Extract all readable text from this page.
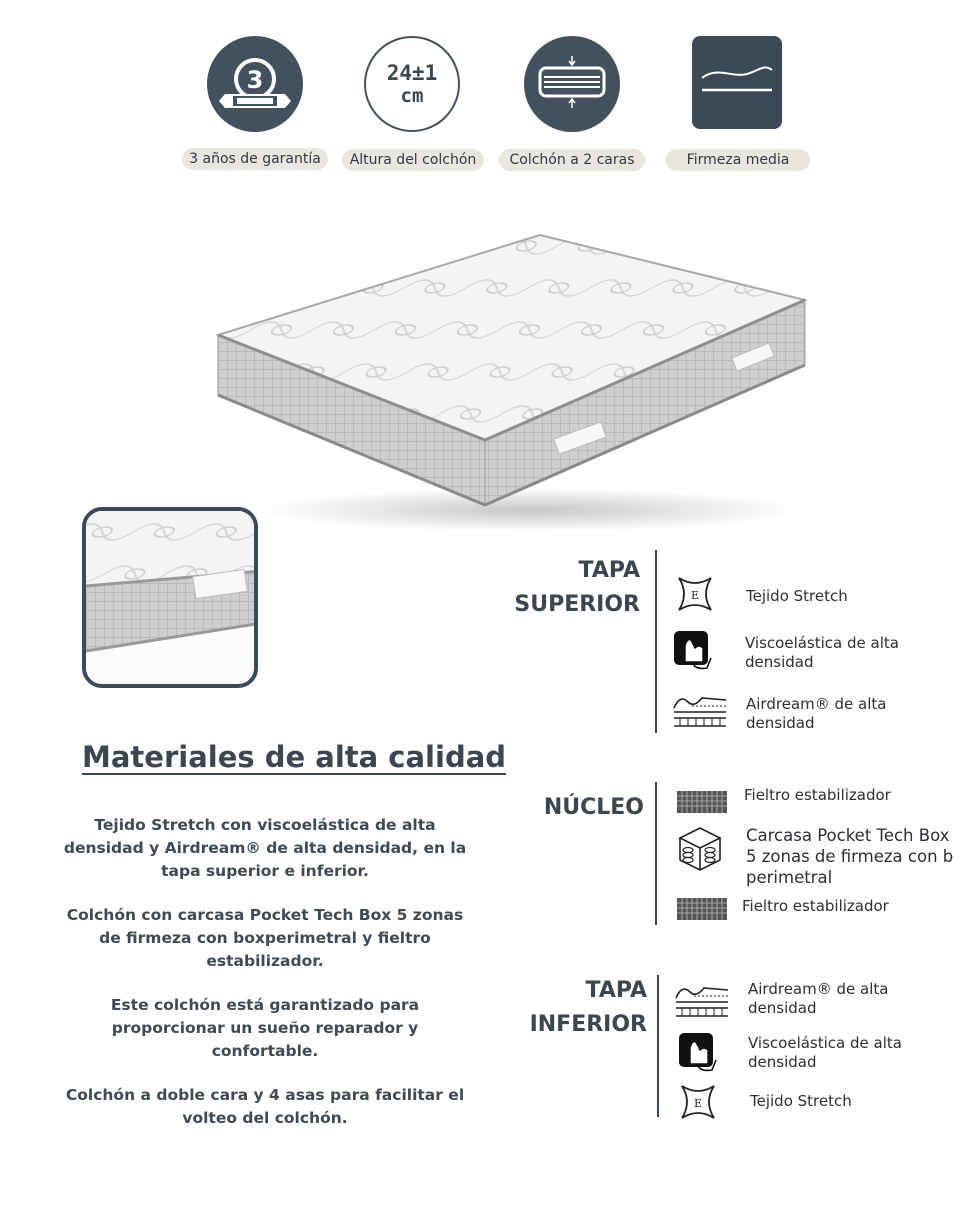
3
3 años de garantía
24±1
cm
Altura del colchón	Colchón a 2 caras	Firmeza media
Materiales de alta calidad
Tejido Stretch con viscoelástica de alta densidad y Airdream® de alta densidad, en la tapa superior e inferior.
Colchón con carcasa Pocket Tech Box 5 zonas de firmeza con boxperimetral y fieltro estabilizador.
Este colchón está garantizado para proporcionar un sueño reparador y confortable.
Colchón a doble cara y 4 asas para facilitar el volteo del colchón.
TAPA
SUPERIOR	E	Tejido Stretch
Viscoelástica de alta
densidad
Airdream® de alta
densidad
NÚCLEO	Fieltro estabilizador
Carcasa Pocket Tech Box
5 zonas de firmeza con b
perimetral
Fieltro estabilizador
TAPA
INFERIOR
Airdream® de alta
densidad
Viscoelástica de alta
densidad
E	Tejido Stretch
